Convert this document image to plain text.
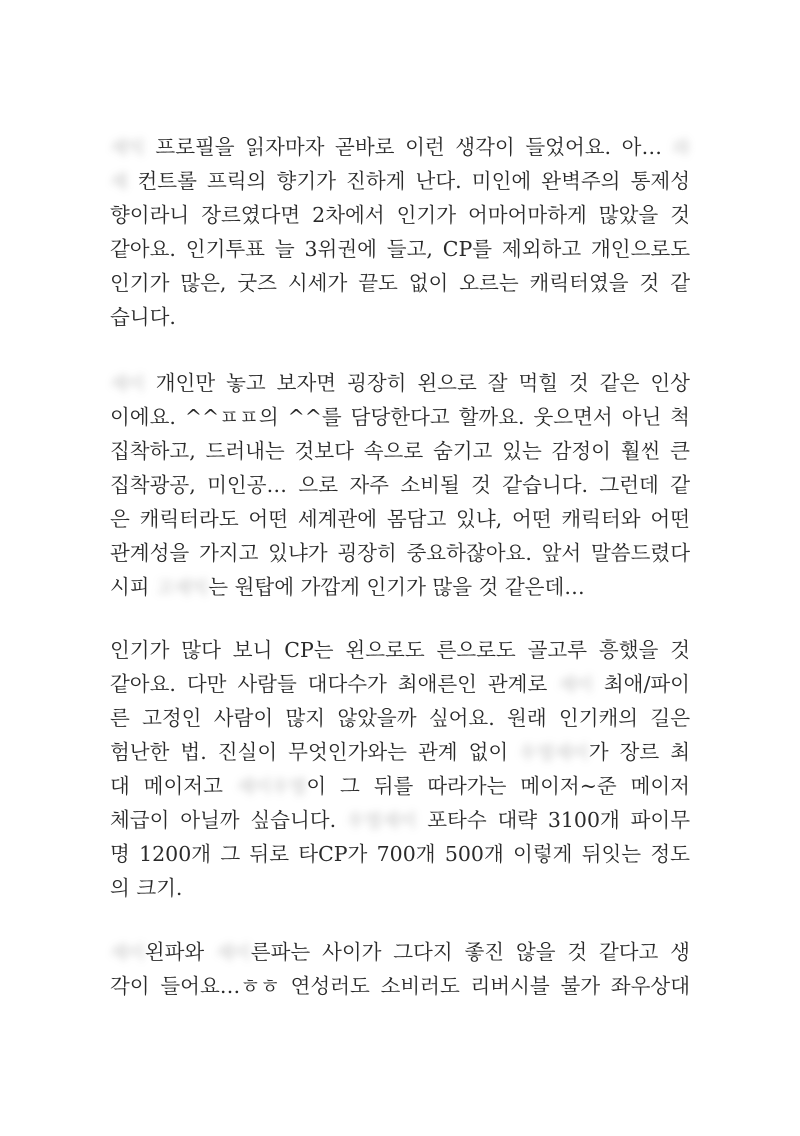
세익 프로필을 읽자마자 곧바로 이런 생각이 들었어요. 아… 라
세 컨트롤 프릭의 향기가 진하게 난다. 미인에 완벽주의 통제성
향이라니 장르였다면 2차에서 인기가 어마어마하게 많았을 것
같아요. 인기투표 늘 3위권에 들고, CP를 제외하고 개인으로도
인기가 많은, 굿즈 시세가 끝도 없이 오르는 캐릭터였을 것 같
습니다.
세이 개인만 놓고 보자면 굉장히 왼으로 잘 먹힐 것 같은 인상
이에요. ^^ㅍㅍ의 ^^를 담당한다고 할까요. 웃으면서 아닌 척
집착하고, 드러내는 것보다 속으로 숨기고 있는 감정이 훨씬 큰
집착광공, 미인공… 으로 자주 소비될 것 같습니다. 그런데 같
은 캐릭터라도 어떤 세계관에 몸담고 있냐, 어떤 캐릭터와 어떤
관계성을 가지고 있냐가 굉장히 중요하잖아요. 앞서 말씀드렸다
시피 고세익는 원탑에 가깝게 인기가 많을 것 같은데…
인기가 많다 보니 CP는 왼으로도 른으로도 골고루 흥했을 것
같아요. 다만 사람들 대다수가 최애른인 관계로 세이 최애/파이
른 고정인 사람이 많지 않았을까 싶어요. 원래 인기캐의 길은
험난한 법. 진실이 무엇인가와는 관계 없이 우영세이가 장르 최
대 메이저고 세이우영이 그 뒤를 따라가는 메이저~준 메이저
체급이 아닐까 싶습니다. 우영세이 포타수 대략 3100개 파이무
명 1200개 그 뒤로 타CP가 700개 500개 이렇게 뒤잇는 정도
의 크기.
세이왼파와 세이른파는 사이가 그다지 좋진 않을 것 같다고 생
각이 들어요…ㅎㅎ 연성러도 소비러도 리버시블 불가 좌우상대
